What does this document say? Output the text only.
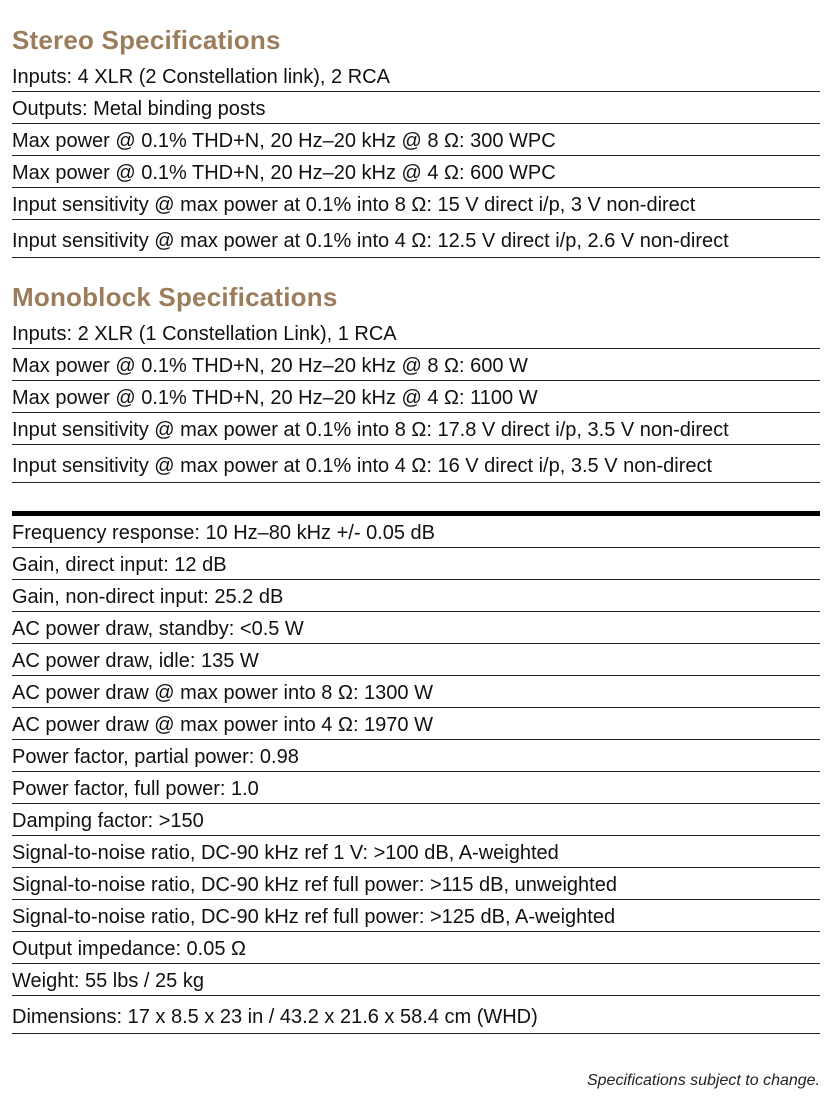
Stereo Specifications
Inputs: 4 XLR (2 Constellation link), 2 RCA
Outputs: Metal binding posts
Max power @ 0.1% THD+N, 20 Hz–20 kHz @ 8 Ω: 300 WPC
Max power @ 0.1% THD+N, 20 Hz–20 kHz @ 4 Ω: 600 WPC
Input sensitivity @ max power at 0.1% into 8 Ω: 15 V direct i/p, 3 V non-direct
Input sensitivity @ max power at 0.1% into 4 Ω: 12.5 V direct i/p, 2.6 V non-direct
Monoblock Specifications
Inputs: 2 XLR (1 Constellation Link), 1 RCA
Max power @ 0.1% THD+N, 20 Hz–20 kHz @ 8 Ω: 600 W
Max power @ 0.1% THD+N, 20 Hz–20 kHz @ 4 Ω: 1100 W
Input sensitivity @ max power at 0.1% into 8 Ω: 17.8 V direct i/p, 3.5 V non-direct
Input sensitivity @ max power at 0.1% into 4 Ω: 16 V direct i/p, 3.5 V non-direct
Frequency response: 10 Hz–80 kHz +/- 0.05 dB
Gain, direct input: 12 dB
Gain, non-direct input: 25.2 dB
AC power draw, standby: <0.5 W
AC power draw, idle: 135 W
AC power draw @ max power into 8 Ω: 1300 W
AC power draw @ max power into 4 Ω: 1970 W
Power factor, partial power: 0.98
Power factor, full power: 1.0
Damping factor: >150
Signal-to-noise ratio, DC-90 kHz ref 1 V: >100 dB, A-weighted
Signal-to-noise ratio, DC-90 kHz ref full power: >115 dB, unweighted
Signal-to-noise ratio, DC-90 kHz ref full power: >125 dB, A-weighted
Output impedance: 0.05 Ω
Weight: 55 lbs / 25 kg
Dimensions: 17 x 8.5 x 23 in / 43.2 x 21.6 x 58.4 cm (WHD)
Specifications subject to change.
